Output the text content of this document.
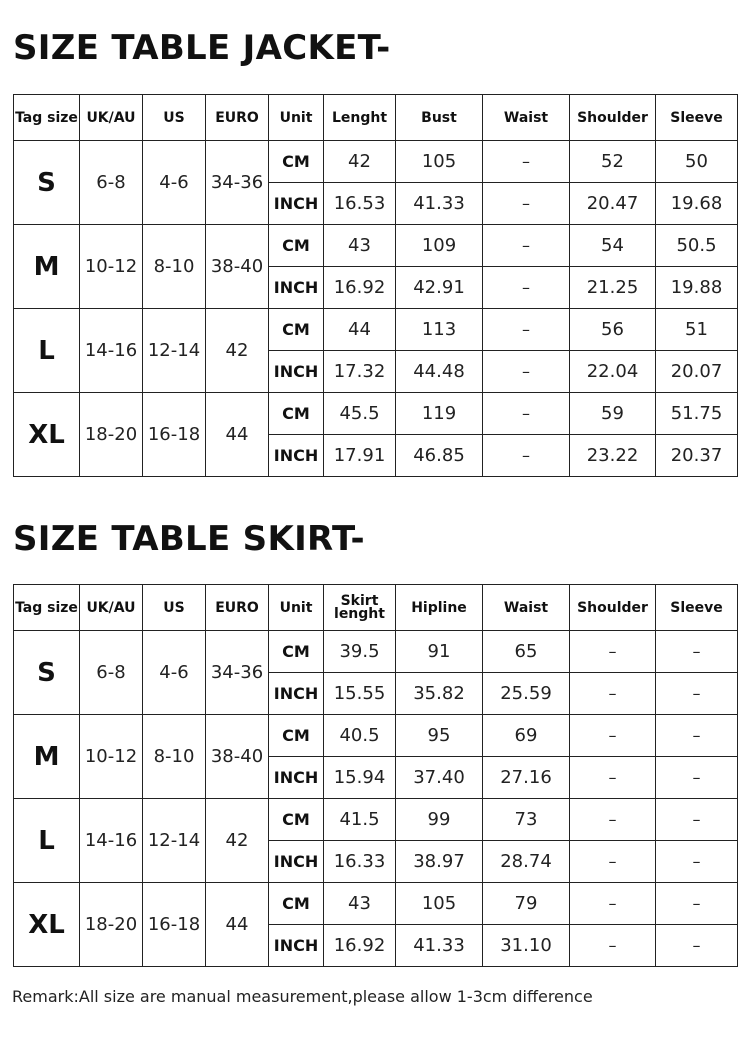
SIZE TABLE JACKET-
Tag size	UK/AU	US	EURO	Unit	Lenght	Bust	Waist	Shoulder	Sleeve
S	6-8	4-6	34-36	CM	42	105	–	52	50
				INCH	16.53	41.33	–	20.47	19.68
M	10-12	8-10	38-40	CM	43	109	–	54	50.5
				INCH	16.92	42.91	–	21.25	19.88
L	14-16	12-14	42	CM	44	113	–	56	51
				INCH	17.32	44.48	–	22.04	20.07
XL	18-20	16-18	44	CM	45.5	119	–	59	51.75
				INCH	17.91	46.85	–	23.22	20.37
SIZE TABLE SKIRT-
Tag size	UK/AU	US	EURO	Unit	Skirt lenght	Hipline	Waist	Shoulder	Sleeve
S	6-8	4-6	34-36	CM	39.5	91	65	–	–
				INCH	15.55	35.82	25.59	–	–
M	10-12	8-10	38-40	CM	40.5	95	69	–	–
				INCH	15.94	37.40	27.16	–	–
L	14-16	12-14	42	CM	41.5	99	73	–	–
				INCH	16.33	38.97	28.74	–	–
XL	18-20	16-18	44	CM	43	105	79	–	–
				INCH	16.92	41.33	31.10	–	–
Remark:All size are manual measurement,please allow 1-3cm difference
